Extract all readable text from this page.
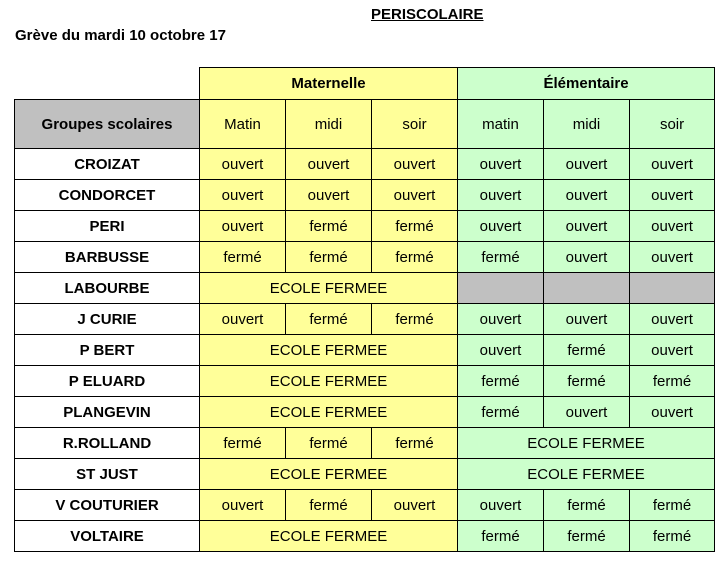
PERISCOLAIRE
Grève du mardi 10 octobre 17
	Maternelle			Élémentaire		
Groupes scolaires	Matin	midi	soir	matin	midi	soir
CROIZAT	ouvert	ouvert	ouvert	ouvert	ouvert	ouvert
CONDORCET	ouvert	ouvert	ouvert	ouvert	ouvert	ouvert
PERI	ouvert	fermé	fermé	ouvert	ouvert	ouvert
BARBUSSE	fermé	fermé	fermé	fermé	ouvert	ouvert
LABOURBE	ECOLE FERMEE					
J CURIE	ouvert	fermé	fermé	ouvert	ouvert	ouvert
P BERT	ECOLE FERMEE			ouvert	fermé	ouvert
P ELUARD	ECOLE FERMEE			fermé	fermé	fermé
PLANGEVIN	ECOLE FERMEE			fermé	ouvert	ouvert
R.ROLLAND	fermé	fermé	fermé	ECOLE FERMEE		
ST JUST	ECOLE FERMEE			ECOLE FERMEE		
V COUTURIER	ouvert	fermé	ouvert	ouvert	fermé	fermé
VOLTAIRE	ECOLE FERMEE			fermé	fermé	fermé
